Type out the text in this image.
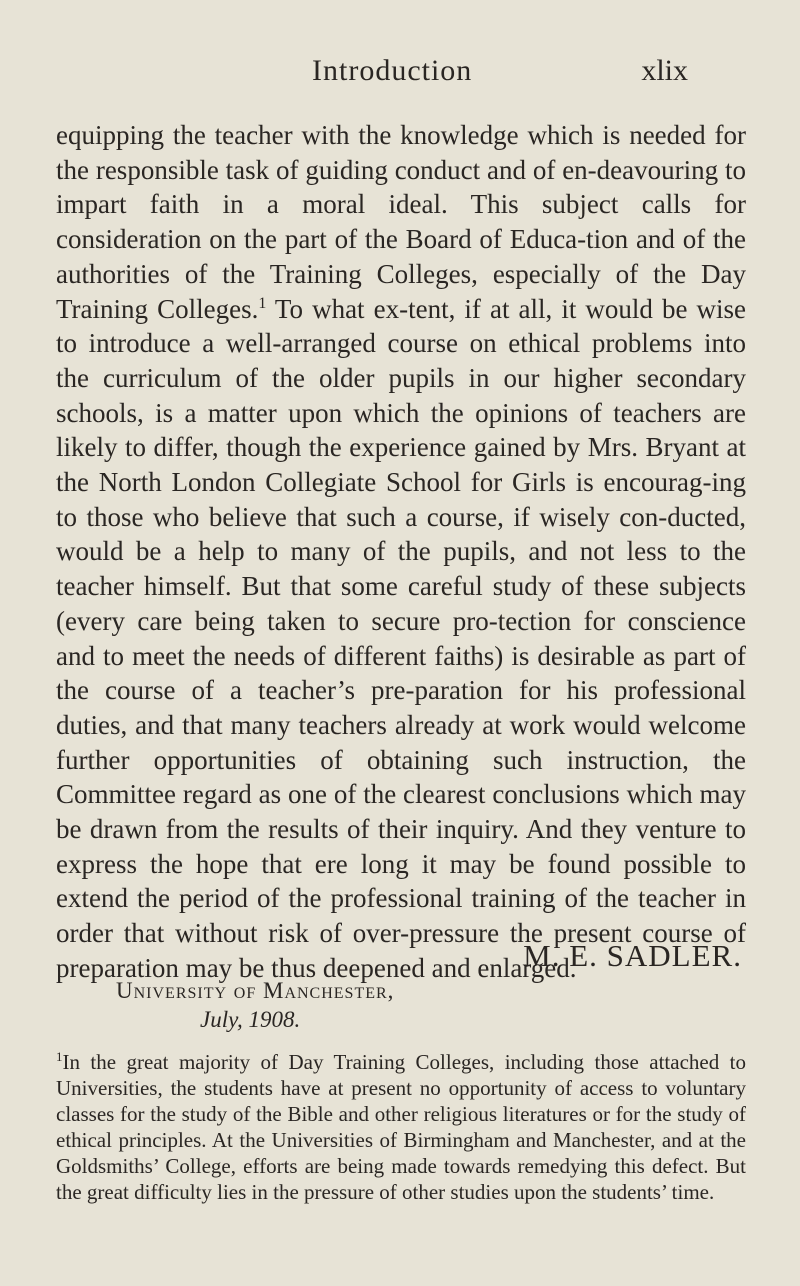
Introduction	xlix

equipping the teacher with the knowledge which is needed for the responsible task of guiding conduct and of en-deavouring to impart faith in a moral ideal. This subject calls for consideration on the part of the Board of Educa-tion and of the authorities of the Training Colleges, especially of the Day Training Colleges.$^1$ To what ex-tent, if at all, it would be wise to introduce a well-arranged course on ethical problems into the curriculum of the older pupils in our higher secondary schools, is a matter upon which the opinions of teachers are likely to differ, though the experience gained by Mrs. Bryant at the North London Collegiate School for Girls is encourag-ing to those who believe that such a course, if wisely con-ducted, would be a help to many of the pupils, and not less to the teacher himself. But that some careful study of these subjects (every care being taken to secure pro-tection for conscience and to meet the needs of different faiths) is desirable as part of the course of a teacher’s pre-paration for his professional duties, and that many teachers already at work would welcome further opportunities of obtaining such instruction, the Committee regard as one of the clearest conclusions which may be drawn from the results of their inquiry. And they venture to express the hope that ere long it may be found possible to extend the period of the professional training of the teacher in order that without risk of over-pressure the present course of preparation may be thus deepened and enlarged.

M. E. SADLER.
University of Manchester,
July, 1908.

$^1$In the great majority of Day Training Colleges, including those attached to Universities, the students have at present no opportunity of access to voluntary classes for the study of the Bible and other religious literatures or for the study of ethical principles. At the Universities of Birmingham and Manchester, and at the Goldsmiths’ College, efforts are being made towards remedying this defect. But the great difficulty lies in the pressure of other studies upon the students’ time.
